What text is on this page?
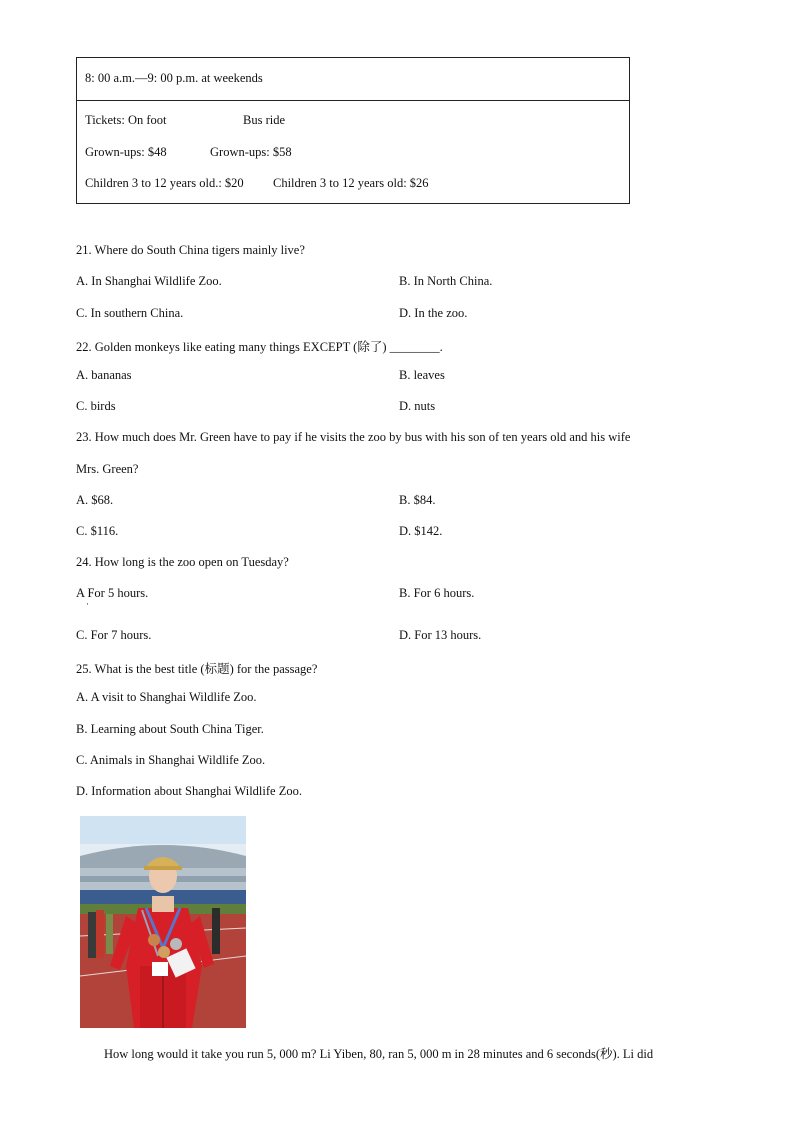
8: 00 a.m.—9: 00 p.m. at weekends
Tickets: On foot	Bus ride
Grown-ups: $48	Grown-ups: $58
Children 3 to 12 years old.: $20 Children 3 to 12 years old: $26
21. Where do South China tigers mainly live?
A. In Shanghai Wildlife Zoo.	B. In North China.
C. In southern China.	D. In the zoo.
22. Golden monkeys like eating many things EXCEPT (除了) ________.
A. bananas	B. leaves
C. birds	D. nuts
23. How much does Mr. Green have to pay if he visits the zoo by bus with his son of ten years old and his wife
Mrs. Green?
A. $68.	B. $84.
C. $116.	D. $142.
24. How long is the zoo open on Tuesday?
A For 5 hours.
·
B. For 6 hours.
C. For 7 hours.	D. For 13 hours.
25. What is the best title (标题) for the passage?
A. A visit to Shanghai Wildlife Zoo.
B. Learning about South China Tiger.
C. Animals in Shanghai Wildlife Zoo.
D. Information about Shanghai Wildlife Zoo.
How long would it take you run 5, 000 m? Li Yiben, 80, ran 5, 000 m in 28 minutes and 6 seconds(秒). Li did
